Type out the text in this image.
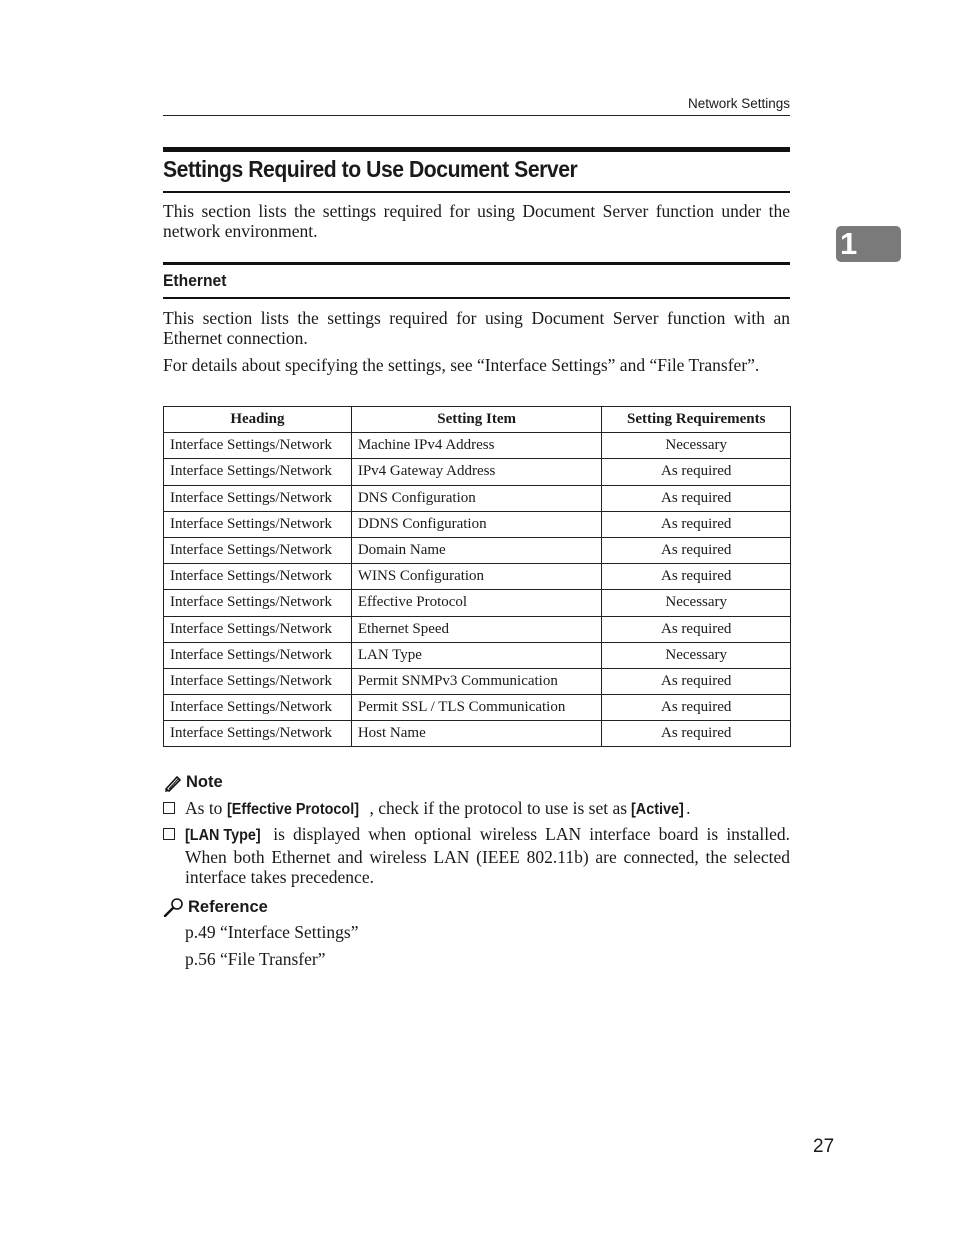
Network Settings
1
Settings Required to Use Document Server
This section lists the settings required for using Document Server function under the network environment.
Ethernet
This section lists the settings required for using Document Server function with an Ethernet connection.
For details about specifying the settings, see “Interface Settings” and “File Transfer”.
Heading	Setting Item	Setting Requirements
Interface Settings/Network	Machine IPv4 Address	Necessary
Interface Settings/Network	IPv4 Gateway Address	As required
Interface Settings/Network	DNS Configuration	As required
Interface Settings/Network	DDNS Configuration	As required
Interface Settings/Network	Domain Name	As required
Interface Settings/Network	WINS Configuration	As required
Interface Settings/Network	Effective Protocol	Necessary
Interface Settings/Network	Ethernet Speed	As required
Interface Settings/Network	LAN Type	Necessary
Interface Settings/Network	Permit SNMPv3 Communication	As required
Interface Settings/Network	Permit SSL / TLS Communication	As required
Interface Settings/Network	Host Name	As required
Note
As to [Effective Protocol] , check if the protocol to use is set as [Active] .
[LAN Type] is displayed when optional wireless LAN interface board is installed. When both Ethernet and wireless LAN (IEEE 802.11b) are connected, the selected interface takes precedence.
Reference
p.49 “Interface Settings”
p.56 “File Transfer”
27
